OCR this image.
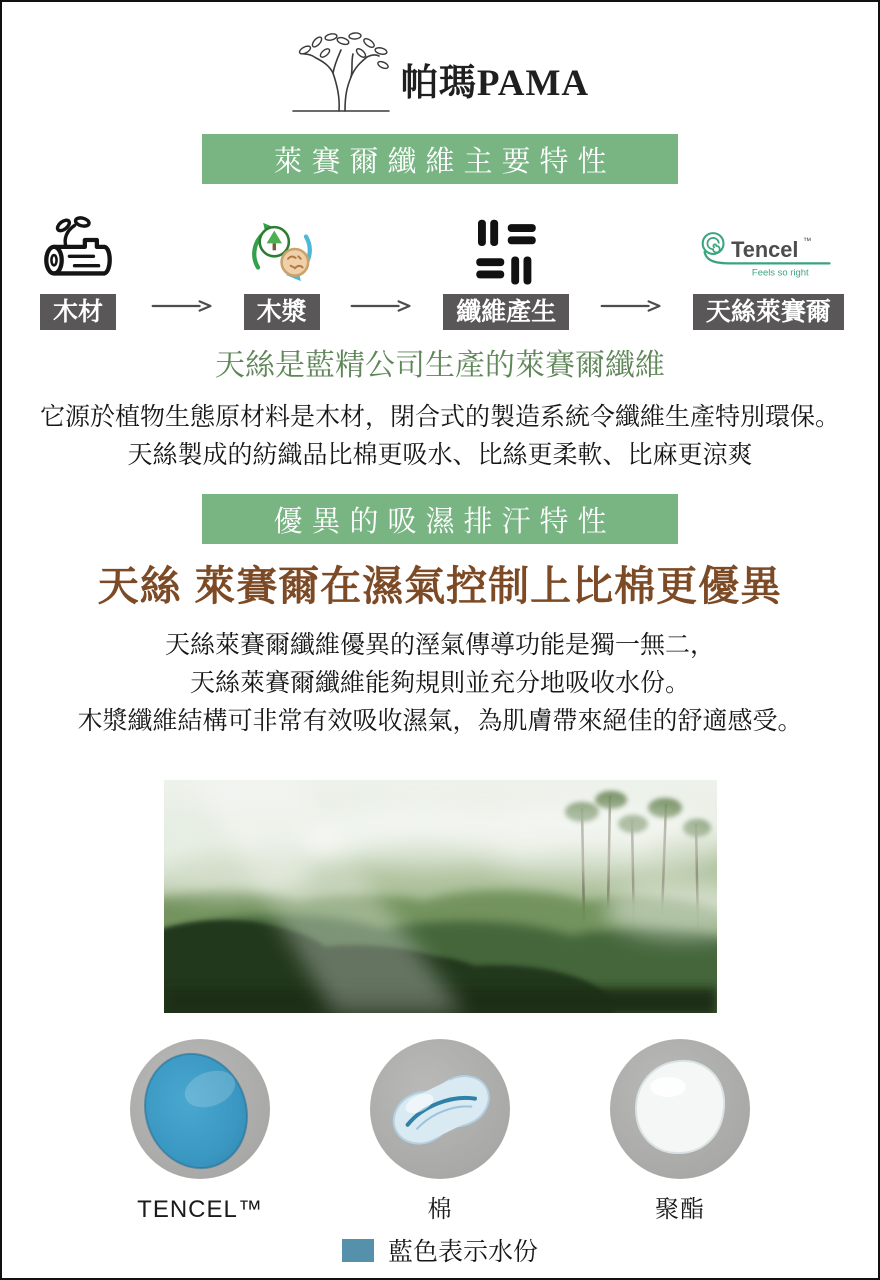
帕瑪PAMA
萊賽爾纖維主要特性
木材	木漿	纖維產生
Tencel ™
Feels so right
天絲萊賽爾
天絲是藍精公司生產的萊賽爾纖維
它源於植物生態原材料是木材，閉合式的製造系統令纖維生產特別環保。
天絲製成的紡織品比棉更吸水、比絲更柔軟、比麻更涼爽
優異的吸濕排汗特性
天絲 萊賽爾在濕氣控制上比棉更優異
天絲萊賽爾纖維優異的溼氣傳導功能是獨一無二，
天絲萊賽爾纖維能夠規則並充分地吸收水份。
木漿纖維結構可非常有效吸收濕氣，為肌膚帶來絕佳的舒適感受。
TENCEL™	棉	聚酯
藍色表示水份
